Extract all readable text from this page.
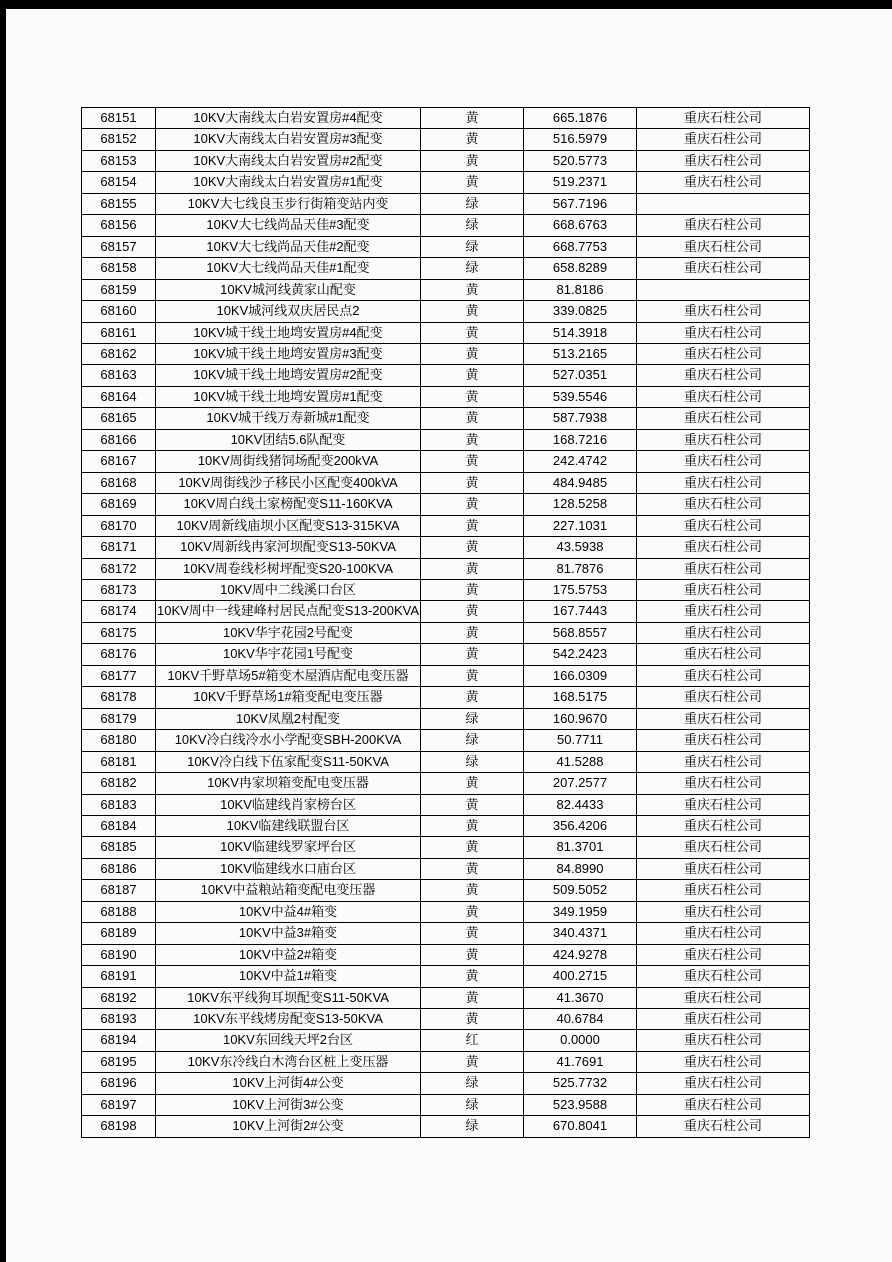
68151	10KV大南线太白岩安置房#4配变	黄	665.1876	重庆石柱公司
68152	10KV大南线太白岩安置房#3配变	黄	516.5979	重庆石柱公司
68153	10KV大南线太白岩安置房#2配变	黄	520.5773	重庆石柱公司
68154	10KV大南线太白岩安置房#1配变	黄	519.2371	重庆石柱公司
68155	10KV大七线良玉步行街箱变站内变	绿	567.7196	
68156	10KV大七线尚品天佳#3配变	绿	668.6763	重庆石柱公司
68157	10KV大七线尚品天佳#2配变	绿	668.7753	重庆石柱公司
68158	10KV大七线尚品天佳#1配变	绿	658.8289	重庆石柱公司
68159	10KV城河线黄家山配变	黄	81.8186	
68160	10KV城河线双庆居民点2	黄	339.0825	重庆石柱公司
68161	10KV城干线土地塆安置房#4配变	黄	514.3918	重庆石柱公司
68162	10KV城干线土地塆安置房#3配变	黄	513.2165	重庆石柱公司
68163	10KV城干线土地塆安置房#2配变	黄	527.0351	重庆石柱公司
68164	10KV城干线土地塆安置房#1配变	黄	539.5546	重庆石柱公司
68165	10KV城干线万寿新城#1配变	黄	587.7938	重庆石柱公司
68166	10KV团结5.6队配变	黄	168.7216	重庆石柱公司
68167	10KV周街线猪饲场配变200kVA	黄	242.4742	重庆石柱公司
68168	10KV周街线沙子移民小区配变400kVA	黄	484.9485	重庆石柱公司
68169	10KV周白线土家榜配变S11-160KVA	黄	128.5258	重庆石柱公司
68170	10KV周新线庙坝小区配变S13-315KVA	黄	227.1031	重庆石柱公司
68171	10KV周新线冉家河坝配变S13-50KVA	黄	43.5938	重庆石柱公司
68172	10KV周卷线杉树坪配变S20-100KVA	黄	81.7876	重庆石柱公司
68173	10KV周中二线溪口台区	黄	175.5753	重庆石柱公司
68174	10KV周中一线建峰村居民点配变S13-200KVA	黄	167.7443	重庆石柱公司
68175	10KV华宇花园2号配变	黄	568.8557	重庆石柱公司
68176	10KV华宇花园1号配变	黄	542.2423	重庆石柱公司
68177	10KV千野草场5#箱变木屋酒店配电变压器	黄	166.0309	重庆石柱公司
68178	10KV千野草场1#箱变配电变压器	黄	168.5175	重庆石柱公司
68179	10KV凤凰2村配变	绿	160.9670	重庆石柱公司
68180	10KV冷白线冷水小学配变SBH-200KVA	绿	50.7711	重庆石柱公司
68181	10KV冷白线下伍家配变S11-50KVA	绿	41.5288	重庆石柱公司
68182	10KV冉家坝箱变配电变压器	黄	207.2577	重庆石柱公司
68183	10KV临建线肖家榜台区	黄	82.4433	重庆石柱公司
68184	10KV临建线联盟台区	黄	356.4206	重庆石柱公司
68185	10KV临建线罗家坪台区	黄	81.3701	重庆石柱公司
68186	10KV临建线水口庙台区	黄	84.8990	重庆石柱公司
68187	10KV中益粮站箱变配电变压器	黄	509.5052	重庆石柱公司
68188	10KV中益4#箱变	黄	349.1959	重庆石柱公司
68189	10KV中益3#箱变	黄	340.4371	重庆石柱公司
68190	10KV中益2#箱变	黄	424.9278	重庆石柱公司
68191	10KV中益1#箱变	黄	400.2715	重庆石柱公司
68192	10KV东平线狗耳坝配变S11-50KVA	黄	41.3670	重庆石柱公司
68193	10KV东平线烤房配变S13-50KVA	黄	40.6784	重庆石柱公司
68194	10KV东回线天坪2台区	红	0.0000	重庆石柱公司
68195	10KV东冷线白木湾台区桩上变压器	黄	41.7691	重庆石柱公司
68196	10KV上河街4#公变	绿	525.7732	重庆石柱公司
68197	10KV上河街3#公变	绿	523.9588	重庆石柱公司
68198	10KV上河街2#公变	绿	670.8041	重庆石柱公司
